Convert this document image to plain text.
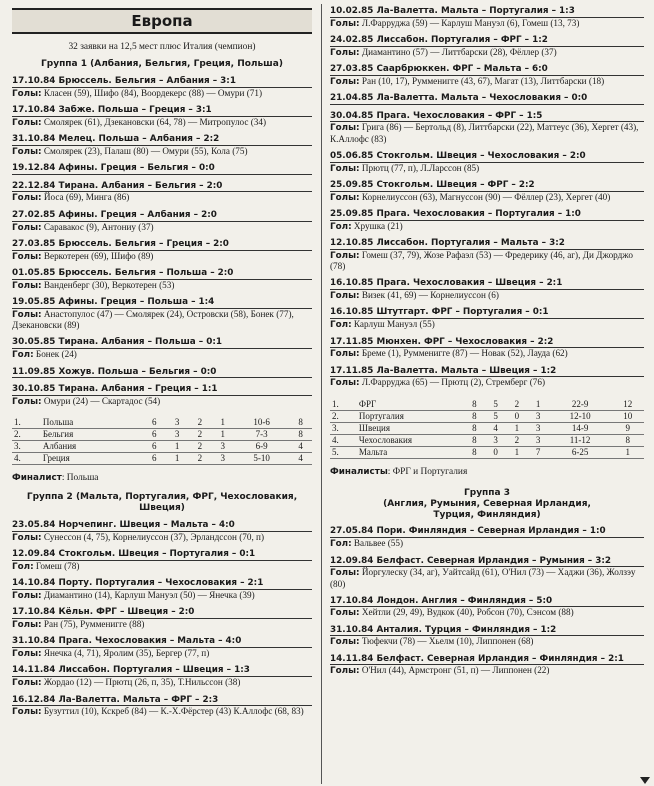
Европа
32 заявки на 12,5 мест плюс Италия (чемпион)
Группа 1 (Албания, Бельгия, Греция, Польша)
17.10.84 Брюссель. Бельгия – Албания – 3:1
Голы: Класен (59), Шифо (84), Воордекерс (88) — Омури (71)
17.10.84 Забже. Польша – Греция – 3:1
Голы: Смолярек (61), Дзекановски (64, 78) — Митропулос (34)
31.10.84 Мелец. Польша – Албания – 2:2
Голы: Смолярек (23), Палаш (80) — Омури (55), Кола (75)
19.12.84 Афины. Греция – Бельгия – 0:0
22.12.84 Тирана. Албания – Бельгия – 2:0
Голы: Йоса (69), Минга (86)
27.02.85 Афины. Греция – Албания – 2:0
Голы: Саравакос (9), Антониу (37)
27.03.85 Брюссель. Бельгия – Греция – 2:0
Голы: Веркотерен (69), Шифо (89)
01.05.85 Брюссель. Бельгия – Польша – 2:0
Голы: Ванденберг (30), Веркотерен (53)
19.05.85 Афины. Греция – Польша – 1:4
Голы: Анастопулос (47) — Смолярек (24), Островски (58), Бонек (77), Дзекановски (89)
30.05.85 Тирана. Албания – Польша – 0:1
Гол: Бонек (24)
11.09.85 Хожув. Польша – Бельгия – 0:0
30.10.85 Тирана. Албания – Греция – 1:1
Голы: Омури (24) — Скартадос (54)
1.	Польша	6	3	2	1	10-6	8
2.	Бельгия	6	3	2	1	7-3	8
3.	Албания	6	1	2	3	6-9	4
4.	Греция	6	1	2	3	5-10	4
Финалист: Польша
Группа 2 (Мальта, Португалия, ФРГ, Чехословакия, Швеция)
23.05.84 Норчепинг. Швеция – Мальта – 4:0
Голы: Сунессон (4, 75), Корнелиуссон (37), Эрландссон (70, п)
12.09.84 Стокгольм. Швеция – Португалия – 0:1
Гол: Гомеш (78)
14.10.84 Порту. Португалия – Чехословакия – 2:1
Голы: Диамантино (14), Карлуш Мануэл (50) — Янечка (39)
17.10.84 Кёльн. ФРГ – Швеция – 2:0
Голы: Ран (75), Румменигге (88)
31.10.84 Прага. Чехословакия – Мальта – 4:0
Голы: Янечка (4, 71), Яролим (35), Бергер (77, п)
14.11.84 Лиссабон. Португалия – Швеция – 1:3
Голы: Жордао (12) — Прютц (26, п, 35), Т.Нильссон (38)
16.12.84 Ла-Валетта. Мальта – ФРГ – 2:3
Голы: Бузуттил (10), Кскреб (84) — К.-Х.Фёрстер (43) К.Аллофс (68, 83)
10.02.85 Ла-Валетта. Мальта – Португалия – 1:3
Голы: Л.Фарруджа (59) — Карлуш Мануэл (6), Гомеш (13, 73)
24.02.85 Лиссабон. Португалия – ФРГ – 1:2
Голы: Диамантино (57) — Литтбарски (28), Фёллер (37)
27.03.85 Саарбрюккен. ФРГ – Мальта – 6:0
Голы: Ран (10, 17), Румменигге (43, 67), Магат (13), Литтбарски (18)
21.04.85 Ла-Валетта. Мальта – Чехословакия – 0:0
30.04.85 Прага. Чехословакия – ФРГ – 1:5
Голы: Грига (86) — Бертольд (8), Литтбарски (22), Маттеус (36), Хергет (43), К.Аллофс (83)
05.06.85 Стокгольм. Швеция – Чехословакия – 2:0
Голы: Прютц (77, п), Л.Ларссон (85)
25.09.85 Стокгольм. Швеция – ФРГ – 2:2
Голы: Корнелиуссон (63), Магнуссон (90) — Фёллер (23), Хергет (40)
25.09.85 Прага. Чехословакия – Португалия – 1:0
Гол: Хрушка (21)
12.10.85 Лиссабон. Португалия – Мальта – 3:2
Голы: Гомеш (37, 79), Жозе Рафаэл (53) — Фредерику (46, аг), Ди Джорджо (78)
16.10.85 Прага. Чехословакия – Швеция – 2:1
Голы: Визек (41, 69) — Корнелиуссон (6)
16.10.85 Штутгарт. ФРГ – Португалия – 0:1
Гол: Карлуш Мануэл (55)
17.11.85 Мюнхен. ФРГ – Чехословакия – 2:2
Голы: Бреме (1), Румменигге (87) — Новак (52), Лауда (62)
17.11.85 Ла-Валетта. Мальта – Швеция – 1:2
Голы: Л.Фарруджа (65) — Прютц (2), Стремберг (76)
1.	ФРГ	8	5	2	1	22-9	12
2.	Португалия	8	5	0	3	12-10	10
3.	Швеция	8	4	1	3	14-9	9
4.	Чехословакия	8	3	2	3	11-12	8
5.	Мальта	8	0	1	7	6-25	1
Финалисты: ФРГ и Португалия
Группа 3
(Англия, Румыния, Северная Ирландия,
Турция, Финляндия)
27.05.84 Пори. Финляндия – Северная Ирландия – 1:0
Гол: Вальвее (55)
12.09.84 Белфаст. Северная Ирландия – Румыния – 3:2
Голы: Йоргулеску (34, аг), Уайтсайд (61), О'Нил (73) — Хаджи (36), Жолзэу (80)
17.10.84 Лондон. Англия – Финляндия – 5:0
Голы: Хейтли (29, 49), Вудкок (40), Робсон (70), Сэнсом (88)
31.10.84 Анталия. Турция – Финляндия – 1:2
Голы: Тюфекчи (78) — Хьелм (10), Липпонен (68)
14.11.84 Белфаст. Северная Ирландия – Финляндия – 2:1
Голы: О'Нил (44), Армстронг (51, п) — Липпонен (22)
